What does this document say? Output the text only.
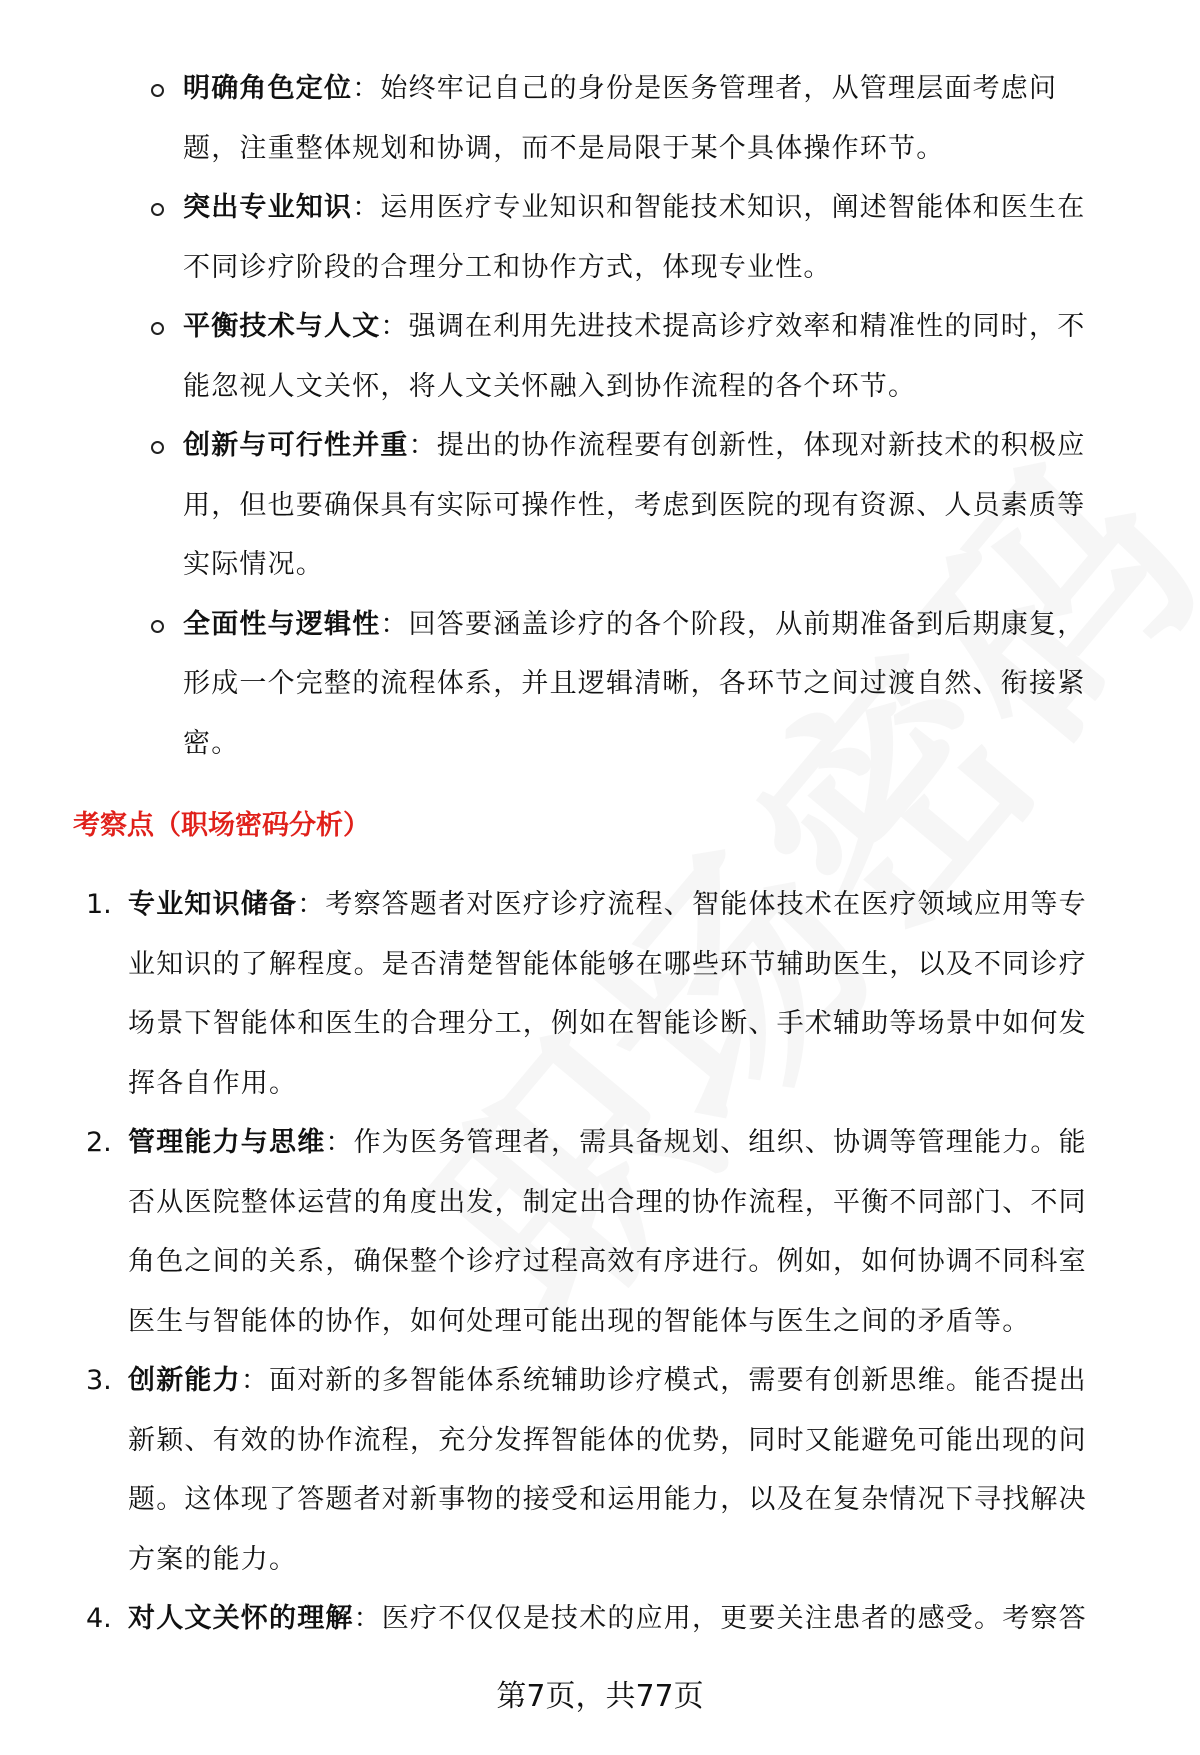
明确角色定位：始终牢记自己的身份是医务管理者，从管理层面考虑问
题，注重整体规划和协调，而不是局限于某个具体操作环节。
突出专业知识：运用医疗专业知识和智能技术知识，阐述智能体和医生在
不同诊疗阶段的合理分工和协作方式，体现专业性。
平衡技术与人文：强调在利用先进技术提高诊疗效率和精准性的同时，不
能忽视人文关怀，将人文关怀融入到协作流程的各个环节。
创新与可行性并重：提出的协作流程要有创新性，体现对新技术的积极应
用，但也要确保具有实际可操作性，考虑到医院的现有资源、人员素质等
实际情况。
全面性与逻辑性：回答要涵盖诊疗的各个阶段，从前期准备到后期康复，
形成一个完整的流程体系，并且逻辑清晰，各环节之间过渡自然、衔接紧
密。
1. 专业知识储备：考察答题者对医疗诊疗流程、智能体技术在医疗领域应用等专
业知识的了解程度。是否清楚智能体能够在哪些环节辅助医生，以及不同诊疗
场景下智能体和医生的合理分工，例如在智能诊断、手术辅助等场景中如何发
挥各自作用。
2. 管理能力与思维：作为医务管理者，需具备规划、组织、协调等管理能力。能
否从医院整体运营的角度出发，制定出合理的协作流程，平衡不同部门、不同
角色之间的关系，确保整个诊疗过程高效有序进行。例如，如何协调不同科室
医生与智能体的协作，如何处理可能出现的智能体与医生之间的矛盾等。
3. 创新能力：面对新的多智能体系统辅助诊疗模式，需要有创新思维。能否提出
新颖、有效的协作流程，充分发挥智能体的优势，同时又能避免可能出现的问
题。这体现了答题者对新事物的接受和运用能力，以及在复杂情况下寻找解决
方案的能力。
4. 对人文关怀的理解：医疗不仅仅是技术的应用，更要关注患者的感受。考察答
考察点（职场密码分析）
第7页，共77页
